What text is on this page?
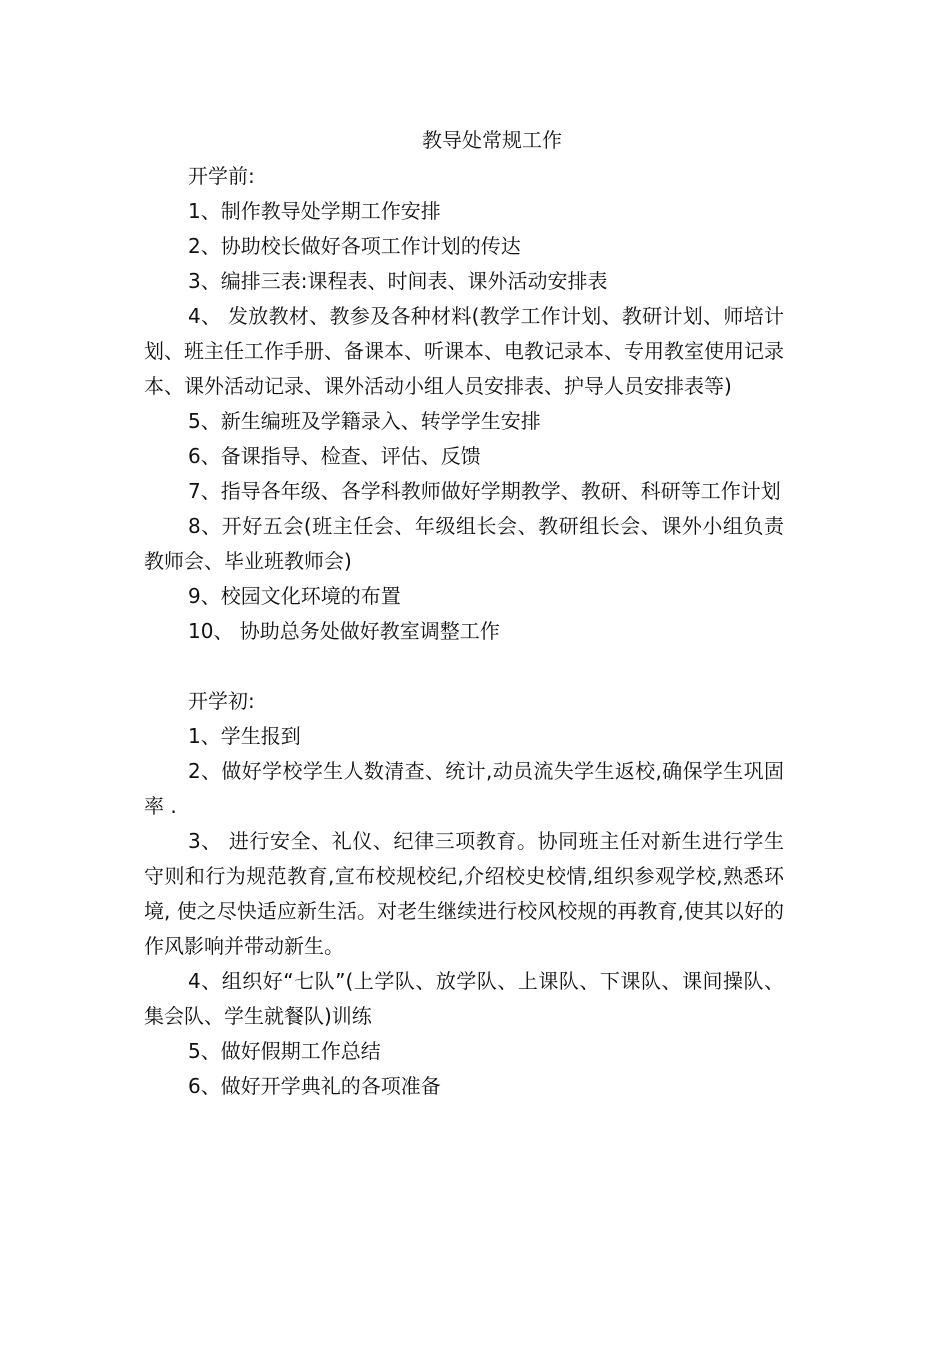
教导处常规工作

开学前:

1、制作教导处学期工作安排

2、协助校长做好各项工作计划的传达

3、编排三表:课程表、时间表、课外活动安排表

4、 发放教材、教参及各种材料(教学工作计划、教研计划、师培计划、班主任工作手册、备课本、听课本、电教记录本、专用教室使用记录本、课外活动记录、课外活动小组人员安排表、护导人员安排表等)

5、新生编班及学籍录入、转学学生安排

6、备课指导、检查、评估、反馈

7、指导各年级、各学科教师做好学期教学、教研、科研等工作计划

8、开好五会(班主任会、年级组长会、教研组长会、课外小组负责教师会、毕业班教师会)

9、校园文化环境的布置

10、 协助总务处做好教室调整工作

开学初:

1、学生报到

2、做好学校学生人数清查、统计,动员流失学生返校,确保学生巩固率 .

3、 进行安全、礼仪、纪律三项教育。协同班主任对新生进行学生守则和行为规范教育,宣布校规校纪,介绍校史校情,组织参观学校,熟悉环境, 使之尽快适应新生活。对老生继续进行校风校规的再教育,使其以好的作风影响并带动新生。

4、组织好“七队”(上学队、放学队、上课队、下课队、课间操队、集会队、学生就餐队)训练

5、做好假期工作总结

6、做好开学典礼的各项准备
